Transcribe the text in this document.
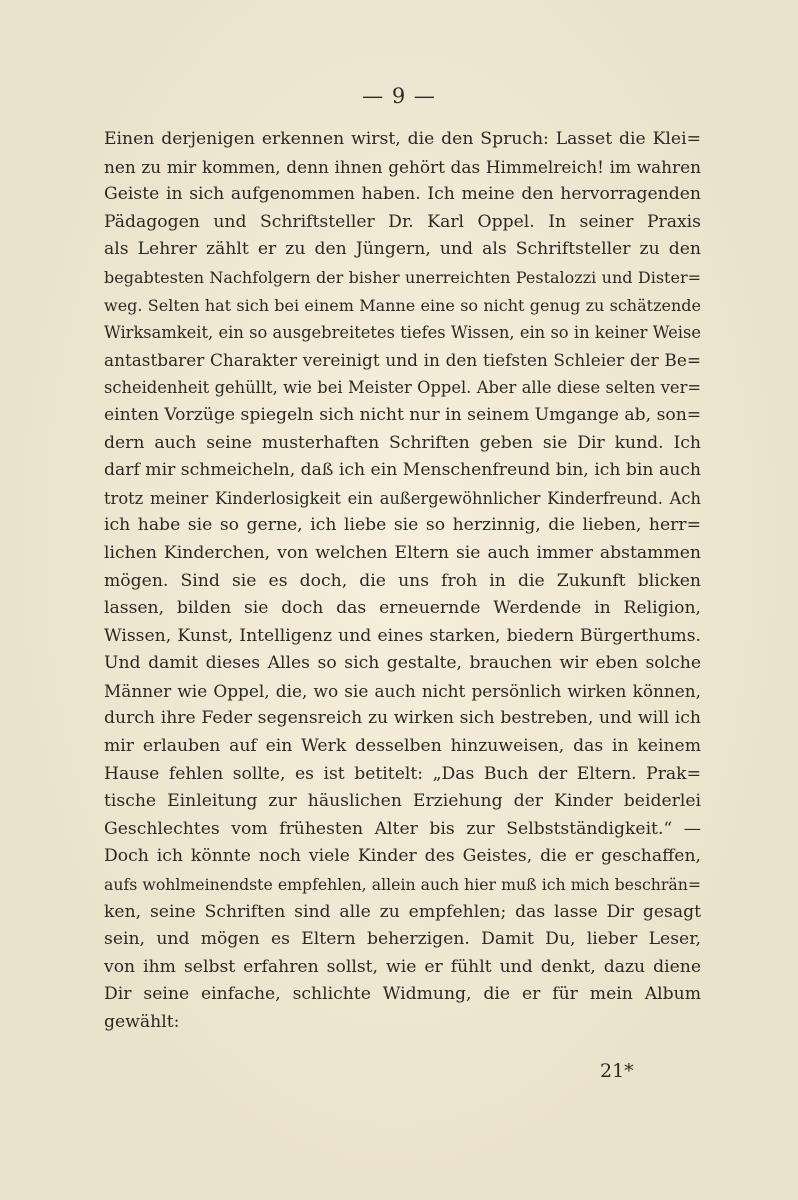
— 9 —
Einen derjenigen erkennen wirst, die den Spruch: Lasset die Klei=
nen zu mir kommen, denn ihnen gehört das Himmelreich! im wahren
Geiste in sich aufgenommen haben. Ich meine den hervorragenden
Pädagogen und Schriftsteller Dr. Karl Oppel. In seiner Praxis
als Lehrer zählt er zu den Jüngern, und als Schriftsteller zu den
begabtesten Nachfolgern der bisher unerreichten Pestalozzi und Dister=
weg. Selten hat sich bei einem Manne eine so nicht genug zu schätzende
Wirksamkeit, ein so ausgebreitetes tiefes Wissen, ein so in keiner Weise
antastbarer Charakter vereinigt und in den tiefsten Schleier der Be=
scheidenheit gehüllt, wie bei Meister Oppel. Aber alle diese selten ver=
einten Vorzüge spiegeln sich nicht nur in seinem Umgange ab, son=
dern auch seine musterhaften Schriften geben sie Dir kund. Ich
darf mir schmeicheln, daß ich ein Menschenfreund bin, ich bin auch
trotz meiner Kinderlosigkeit ein außergewöhnlicher Kinderfreund. Ach
ich habe sie so gerne, ich liebe sie so herzinnig, die lieben, herr=
lichen Kinderchen, von welchen Eltern sie auch immer abstammen
mögen. Sind sie es doch, die uns froh in die Zukunft blicken
lassen, bilden sie doch das erneuernde Werdende in Religion,
Wissen, Kunst, Intelligenz und eines starken, biedern Bürgerthums.
Und damit dieses Alles so sich gestalte, brauchen wir eben solche
Männer wie Oppel, die, wo sie auch nicht persönlich wirken können,
durch ihre Feder segensreich zu wirken sich bestreben, und will ich
mir erlauben auf ein Werk desselben hinzuweisen, das in keinem
Hause fehlen sollte, es ist betitelt: „Das Buch der Eltern. Prak=
tische Einleitung zur häuslichen Erziehung der Kinder beiderlei
Geschlechtes vom frühesten Alter bis zur Selbstständigkeit.“ —
Doch ich könnte noch viele Kinder des Geistes, die er geschaffen,
aufs wohlmeinendste empfehlen, allein auch hier muß ich mich beschrän=
ken, seine Schriften sind alle zu empfehlen; das lasse Dir gesagt
sein, und mögen es Eltern beherzigen. Damit Du, lieber Leser,
von ihm selbst erfahren sollst, wie er fühlt und denkt, dazu diene
Dir seine einfache, schlichte Widmung, die er für mein Album
gewählt:
21*
